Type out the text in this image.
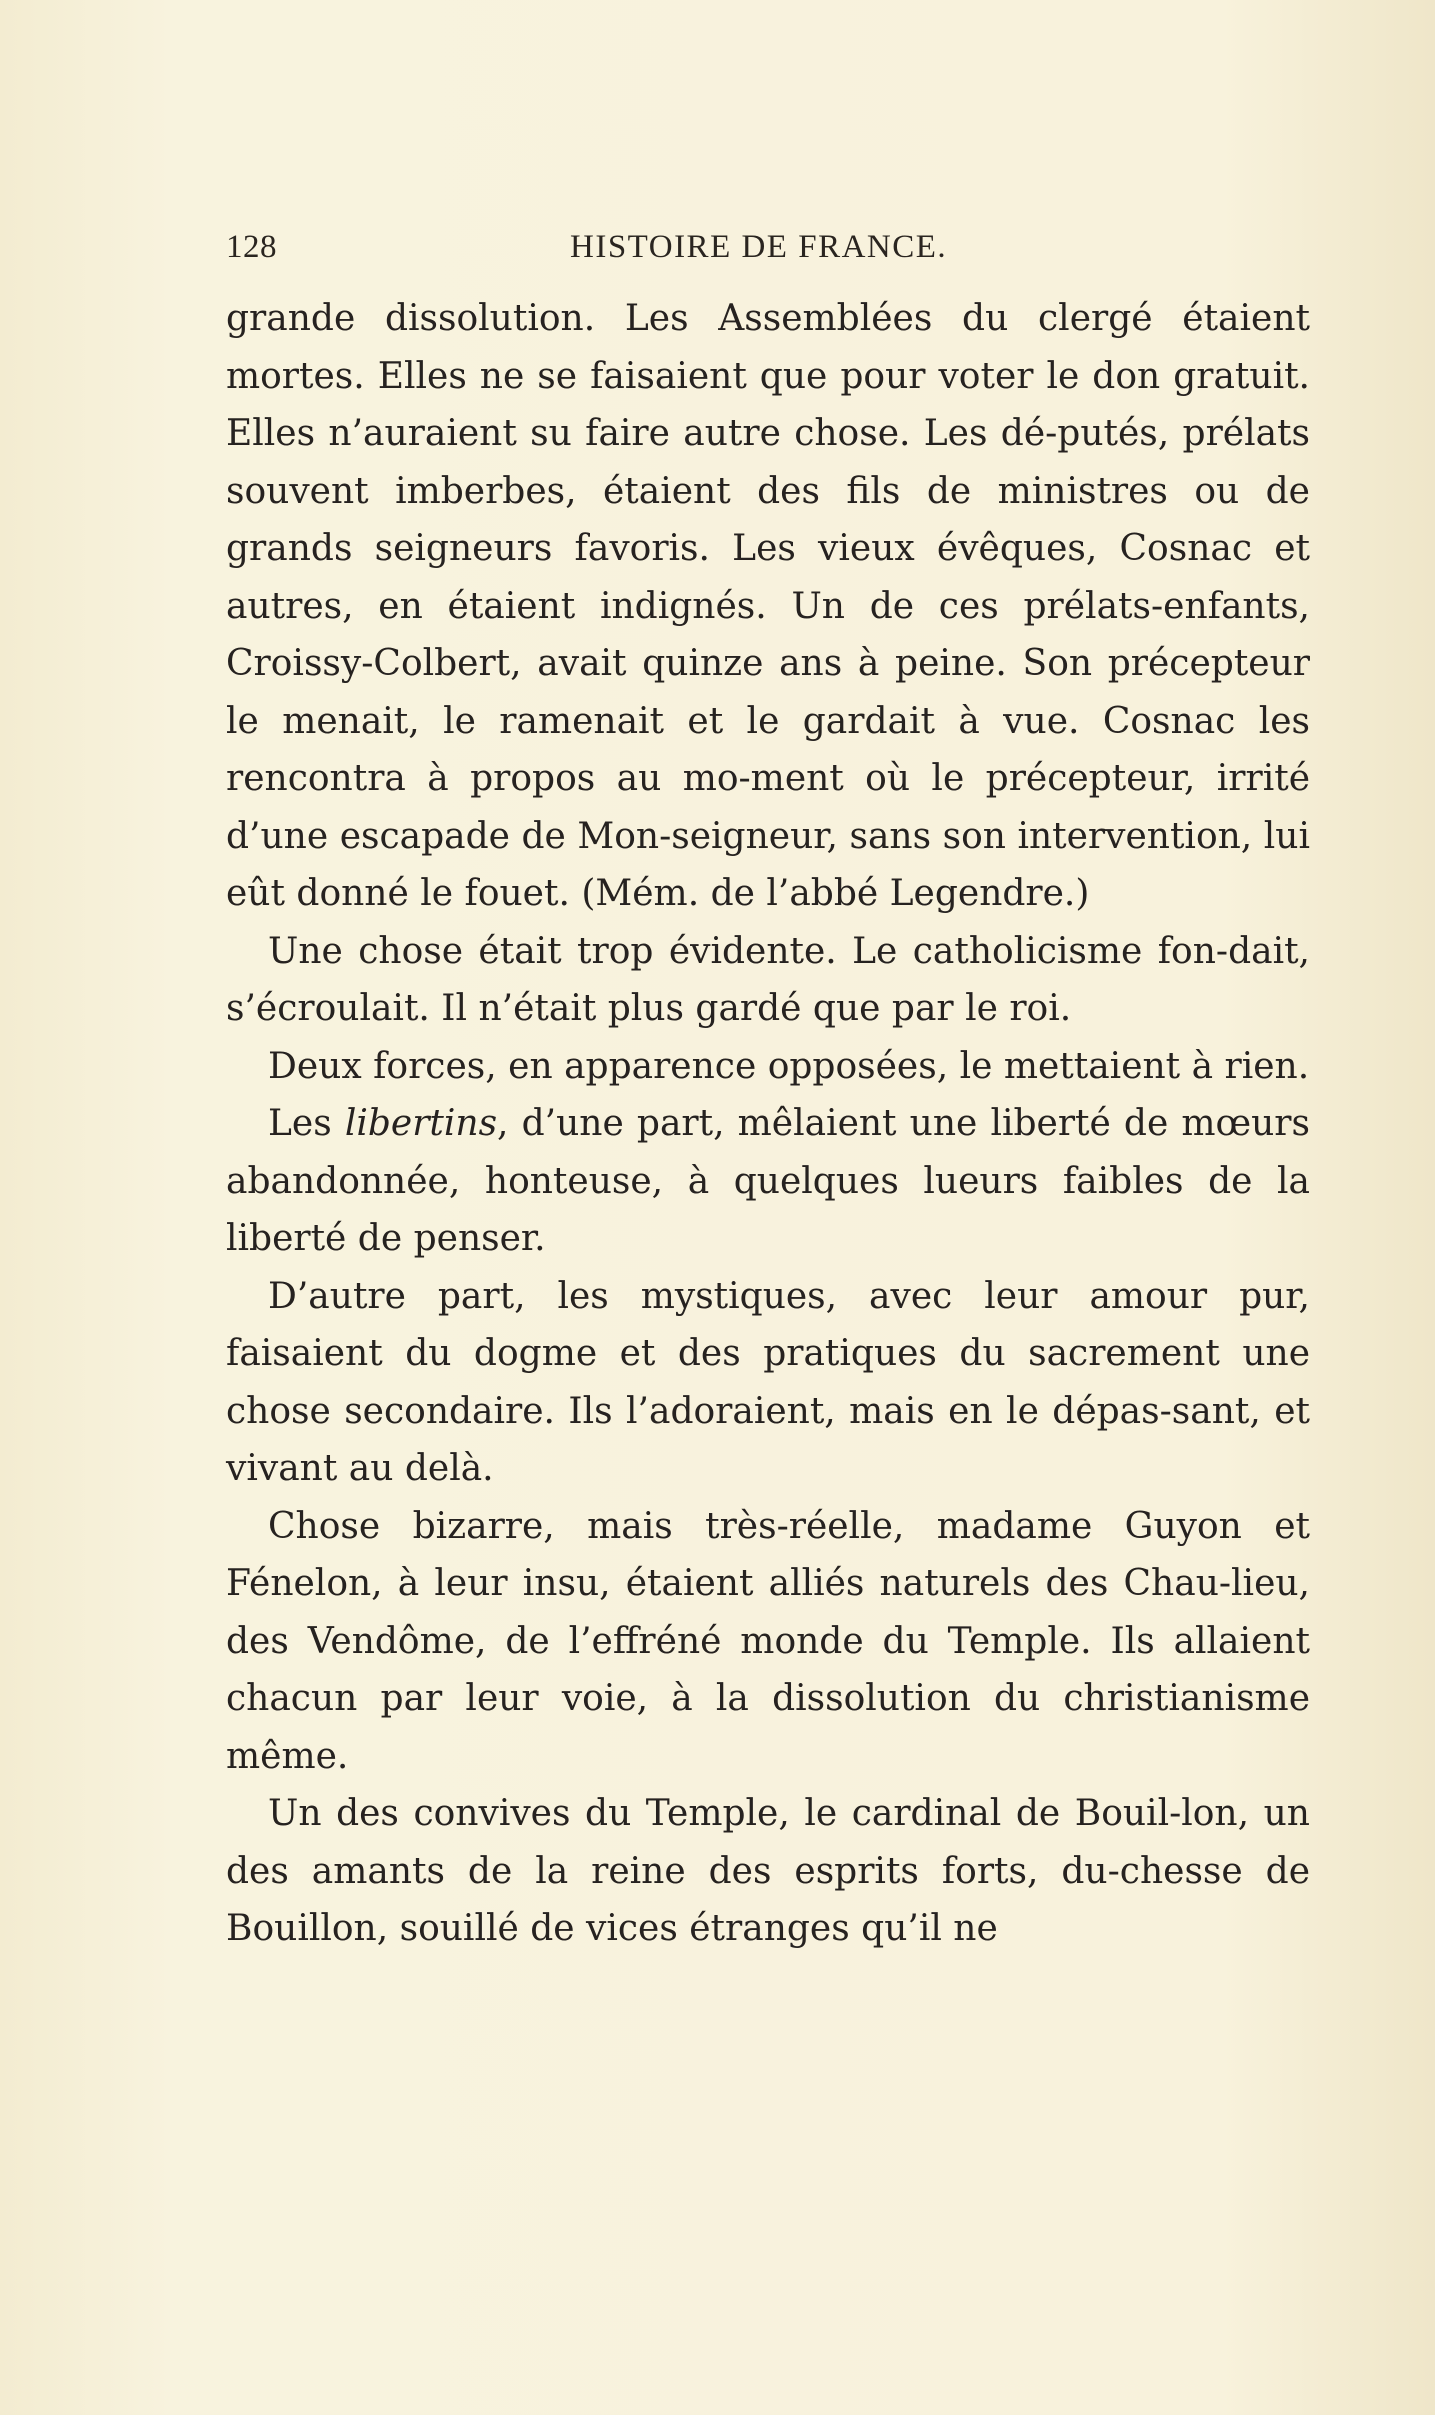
128	HISTOIRE DE FRANCE.

grande dissolution. Les Assemblées du clergé étaient mortes. Elles ne se faisaient que pour voter le don gratuit. Elles n’auraient su faire autre chose. Les dé-putés, prélats souvent imberbes, étaient des fils de ministres ou de grands seigneurs favoris. Les vieux évêques, Cosnac et autres, en étaient indignés. Un de ces prélats-enfants, Croissy-Colbert, avait quinze ans à peine. Son précepteur le menait, le ramenait et le gardait à vue. Cosnac les rencontra à propos au mo-ment où le précepteur, irrité d’une escapade de Mon-seigneur, sans son intervention, lui eût donné le fouet. (Mém. de l’abbé Legendre.)

Une chose était trop évidente. Le catholicisme fon-dait, s’écroulait. Il n’était plus gardé que par le roi.

Deux forces, en apparence opposées, le mettaient à rien.

Les libertins, d’une part, mêlaient une liberté de mœurs abandonnée, honteuse, à quelques lueurs faibles de la liberté de penser.

D’autre part, les mystiques, avec leur amour pur, faisaient du dogme et des pratiques du sacrement une chose secondaire. Ils l’adoraient, mais en le dépas-sant, et vivant au delà.

Chose bizarre, mais très-réelle, madame Guyon et Fénelon, à leur insu, étaient alliés naturels des Chau-lieu, des Vendôme, de l’effréné monde du Temple. Ils allaient chacun par leur voie, à la dissolution du christianisme même.

Un des convives du Temple, le cardinal de Bouil-lon, un des amants de la reine des esprits forts, du-chesse de Bouillon, souillé de vices étranges qu’il ne
